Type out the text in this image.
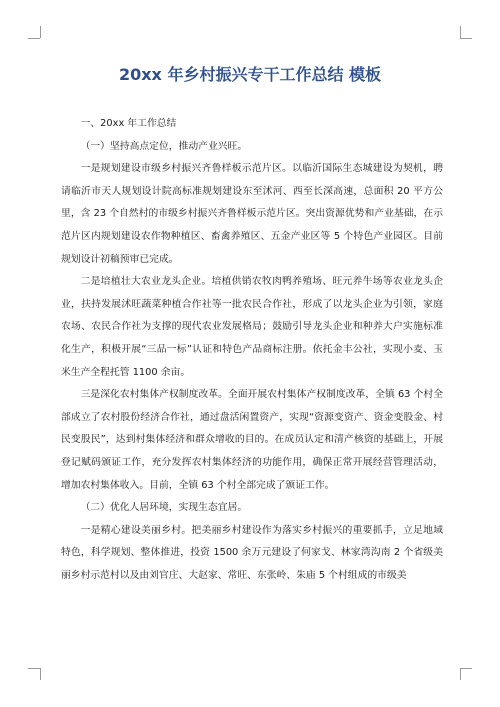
20xx 年乡村振兴专干工作总结 模板

一、20xx 年工作总结

（一）坚持高点定位，推动产业兴旺。

一是规划建设市级乡村振兴齐鲁样板示范片区。以临沂国际生态城建设为契机，聘请临沂市天人规划设计院高标准规划建设东至沭河、西至长深高速，总面积 20 平方公里，含 23 个自然村的市级乡村振兴齐鲁样板示范片区。突出资源优势和产业基础，在示范片区内规划建设农作物种植区、畜禽养殖区、五金产业区等 5 个特色产业园区。目前规划设计初稿预审已完成。

二是培植壮大农业龙头企业。培植供销农牧肉鸭养殖场、旺元养牛场等农业龙头企业，扶持发展沭旺蔬菜种植合作社等一批农民合作社，形成了以龙头企业为引领，家庭农场、农民合作社为支撑的现代农业发展格局；鼓励引导龙头企业和种养大户实施标准化生产，积极开展“三品一标”认证和特色产品商标注册。依托金丰公社，实现小麦、玉米生产全程托管 1100 余亩。

三是深化农村集体产权制度改革。全面开展农村集体产权制度改革，全镇 63 个村全部成立了农村股份经济合作社，通过盘活闲置资产，实现“资源变资产、资金变股金、村民变股民”，达到村集体经济和群众增收的目的。在成员认定和清产核资的基础上，开展登记赋码颁证工作，充分发挥农村集体经济的功能作用，确保正常开展经营管理活动，增加农村集体收入。目前，全镇 63 个村全部完成了颁证工作。

（二）优化人居环境，实现生态宜居。

一是精心建设美丽乡村。把美丽乡村建设作为落实乡村振兴的重要抓手，立足地域特色，科学规划、整体推进，投资 1500 余万元建设了何家戈、林家湾沟南 2 个省级美丽乡村示范村以及由刘官庄、大赵家、常旺、东张岭、朱庙 5 个村组成的市级美
